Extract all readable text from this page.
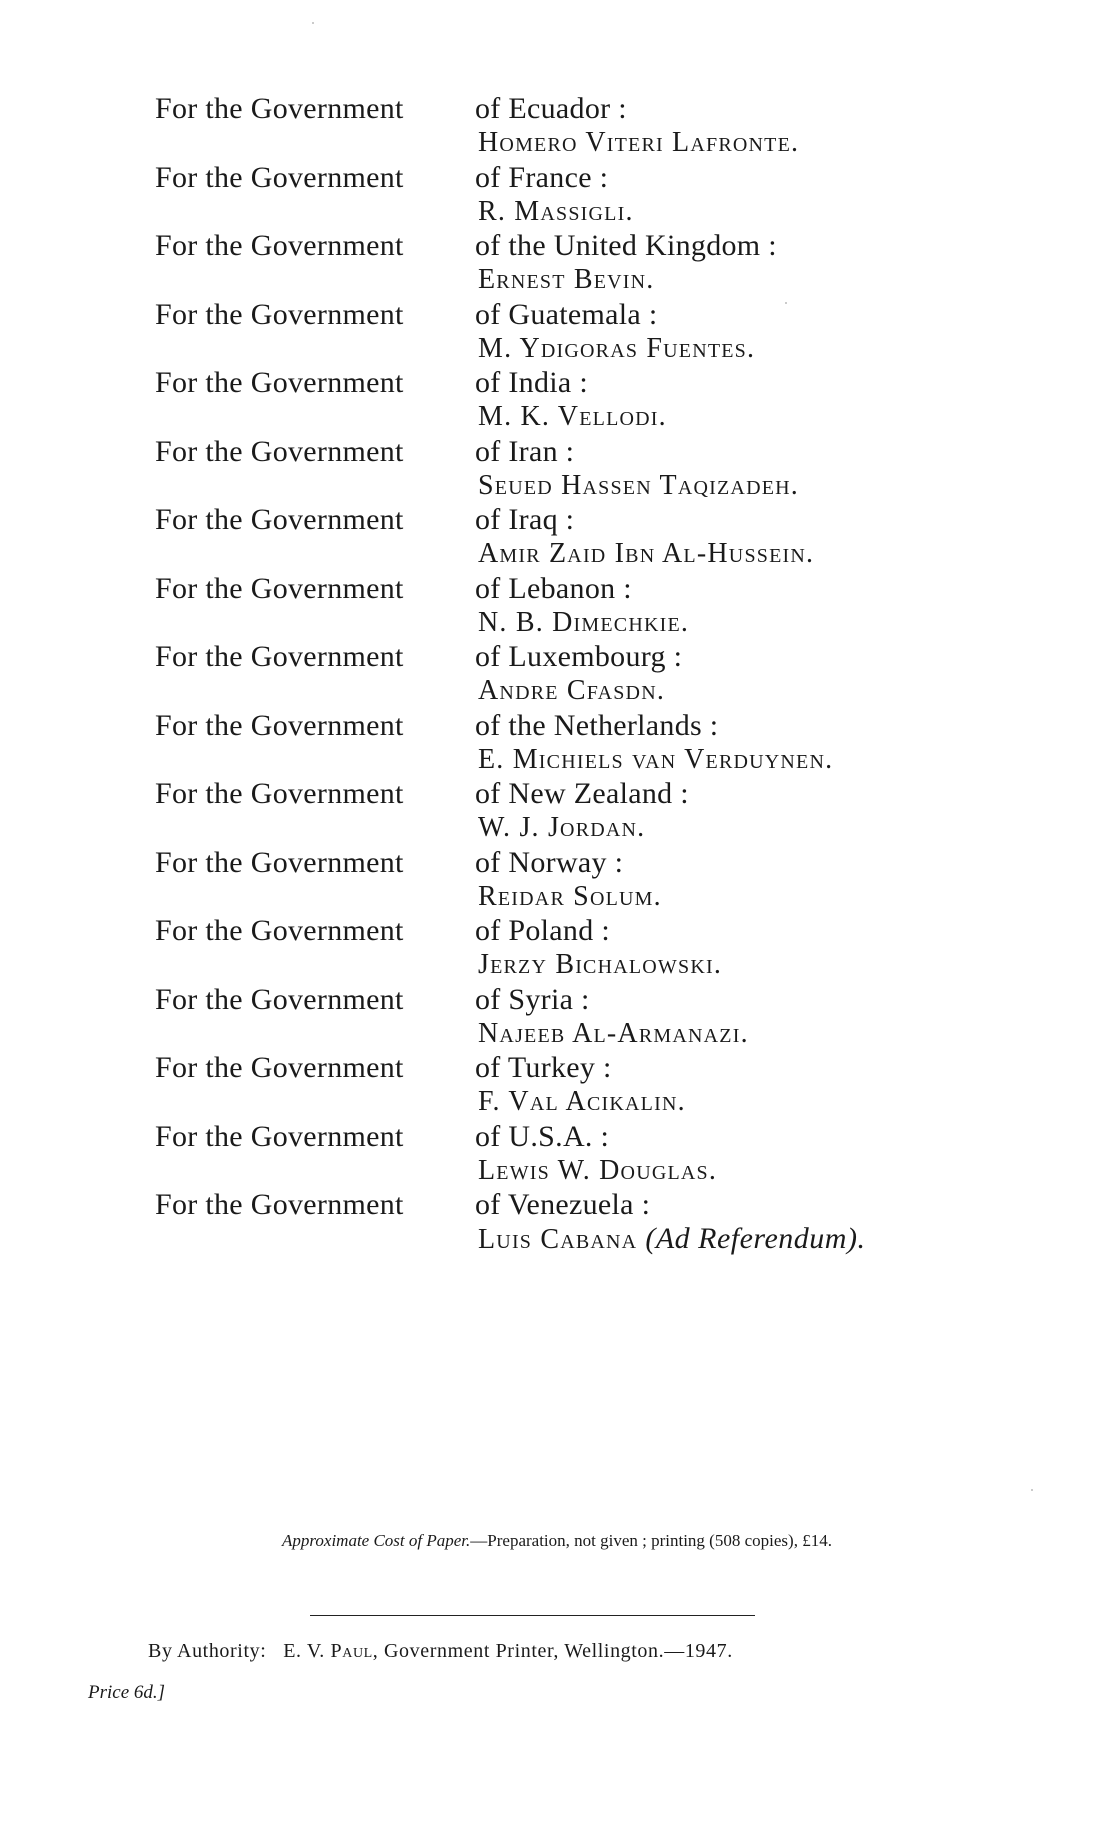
For the Government of Ecuador :
Homero Viteri Lafronte.
For the Government of France :
R. Massigli.
For the Government of the United Kingdom :
Ernest Bevin.
For the Government of Guatemala :
M. Ydigoras Fuentes.
For the Government of India :
M. K. Vellodi.
For the Government of Iran :
Seued Hassen Taqizadeh.
For the Government of Iraq :
Amir Zaid Ibn Al-Hussein.
For the Government of Lebanon :
N. B. Dimechkie.
For the Government of Luxembourg :
Andre Cfasdn.
For the Government of the Netherlands :
E. Michiels van Verduynen.
For the Government of New Zealand :
W. J. Jordan.
For the Government of Norway :
Reidar Solum.
For the Government of Poland :
Jerzy Bichalowski.
For the Government of Syria :
Najeeb Al-Armanazi.
For the Government of Turkey :
F. Val Acikalin.
For the Government of U.S.A. :
Lewis W. Douglas.
For the Government of Venezuela :
Luis Cabana (Ad Referendum).
Approximate Cost of Paper.—Preparation, not given ; printing (508 copies), £14.
By Authority: E. V. Paul, Government Printer, Wellington.—1947.
Price 6d.]
